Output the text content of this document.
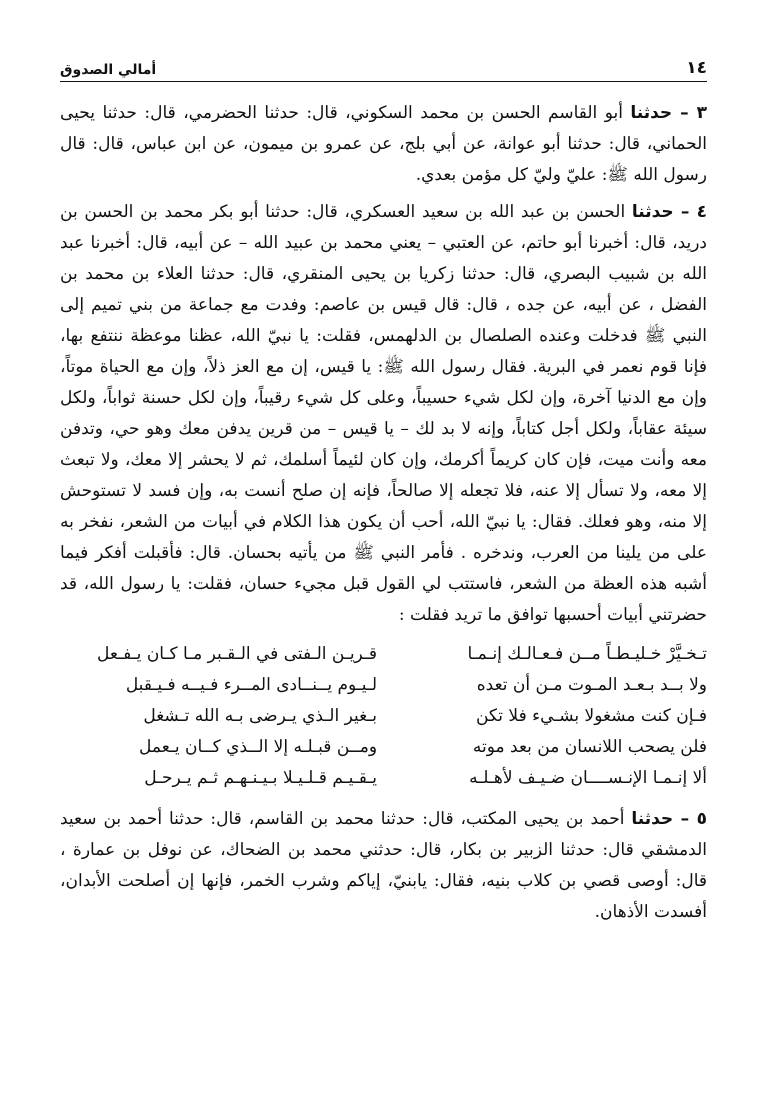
أمالي الصدوق	١٤

٣ – حدثنا أبو القاسم الحسن بن محمد السكوني، قال: حدثنا الحضرمي، قال: حدثنا يحيى الحماني، قال: حدثنا أبو عوانة، عن أبي بلج، عن عمرو بن ميمون، عن ابن عباس، قال: قال رسول الله ﷺ: عليّ وليّ كل مؤمن بعدي.

٤ – حدثنا الحسن بن عبد الله بن سعيد العسكري، قال: حدثنا أبو بكر محمد بن الحسن بن دريد، قال: أخبرنا أبو حاتم، عن العتبي – يعني محمد بن عبيد الله – عن أبيه، قال: أخبرنا عبد الله بن شبيب البصري، قال: حدثنا زكريا بن يحيى المنقري، قال: حدثنا العلاء بن محمد بن الفضل ، عن أبيه، عن جده ، قال: قال قيس بن عاصم: وفدت مع جماعة من بني تميم إلى النبي ﷺ فدخلت وعنده الصلصال بن الدلهمس، فقلت: يا نبيّ الله، عظنا موعظة ننتفع بها، فإنا قوم نعمر في البرية. فقال رسول الله ﷺ: يا قيس، إن مع العز ذلاً، وإن مع الحياة موتاً، وإن مع الدنيا آخرة، وإن لكل شيء حسيباً، وعلى كل شيء رقيباً، وإن لكل حسنة ثواباً، ولكل سيئة عقاباً، ولكل أجل كتاباً، وإنه لا بد لك – يا قيس – من قرين يدفن معك وهو حي، وتدفن معه وأنت ميت، فإن كان كريماً أكرمك، وإن كان لئيماً أسلمك، ثم لا يحشر إلا معك، ولا تبعث إلا معه، ولا تسأل إلا عنه، فلا تجعله إلا صالحاً، فإنه إن صلح أنست به، وإن فسد لا تستوحش إلا منه، وهو فعلك. فقال: يا نبيّ الله، أحب أن يكون هذا الكلام في أبيات من الشعر، نفخر به على من يلينا من العرب، وندخره . فأمر النبي ﷺ من يأتيه بحسان. قال: فأقبلت أفكر فيما أشبه هذه العظة من الشعر، فاستتب لي القول قبل مجيء حسان، فقلت: يا رسول الله، قد حضرتني أبيات أحسبها توافق ما تريد فقلت :

تـخـيَّرْ خـليـطـاً مــن فـعـالـك إنـمـا		قـريـن الـفتى في الـقـبر مـا كـان يـفـعل
ولا بــد بـعـد المـوت مـن أن تعده		لـيـوم يــنــادى المــرء فـيــه فـيـقبل
فـإن كنت مشغولا بشـيء فلا تكن		بـغير الـذي يـرضى بـه الله تـشغل
فلن يصحب اللانسان من بعد موته		ومــن قبـلـه إلا الــذي كــان يـعمل
ألا إنـمـا الإنـســــان ضـيـف لأهـلـه		يـقـيـم قـلـيـلا بـيـنـهـم ثـم يـرحـل

٥ – حدثنا أحمد بن يحيى المكتب، قال: حدثنا محمد بن القاسم، قال: حدثنا أحمد بن سعيد الدمشقي قال: حدثنا الزبير بن بكار، قال: حدثني محمد بن الضحاك، عن نوفل بن عمارة ، قال: أوصى قصي بن كلاب بنيه، فقال: يابنيّ، إياكم وشرب الخمر، فإنها إن أصلحت الأبدان، أفسدت الأذهان.
